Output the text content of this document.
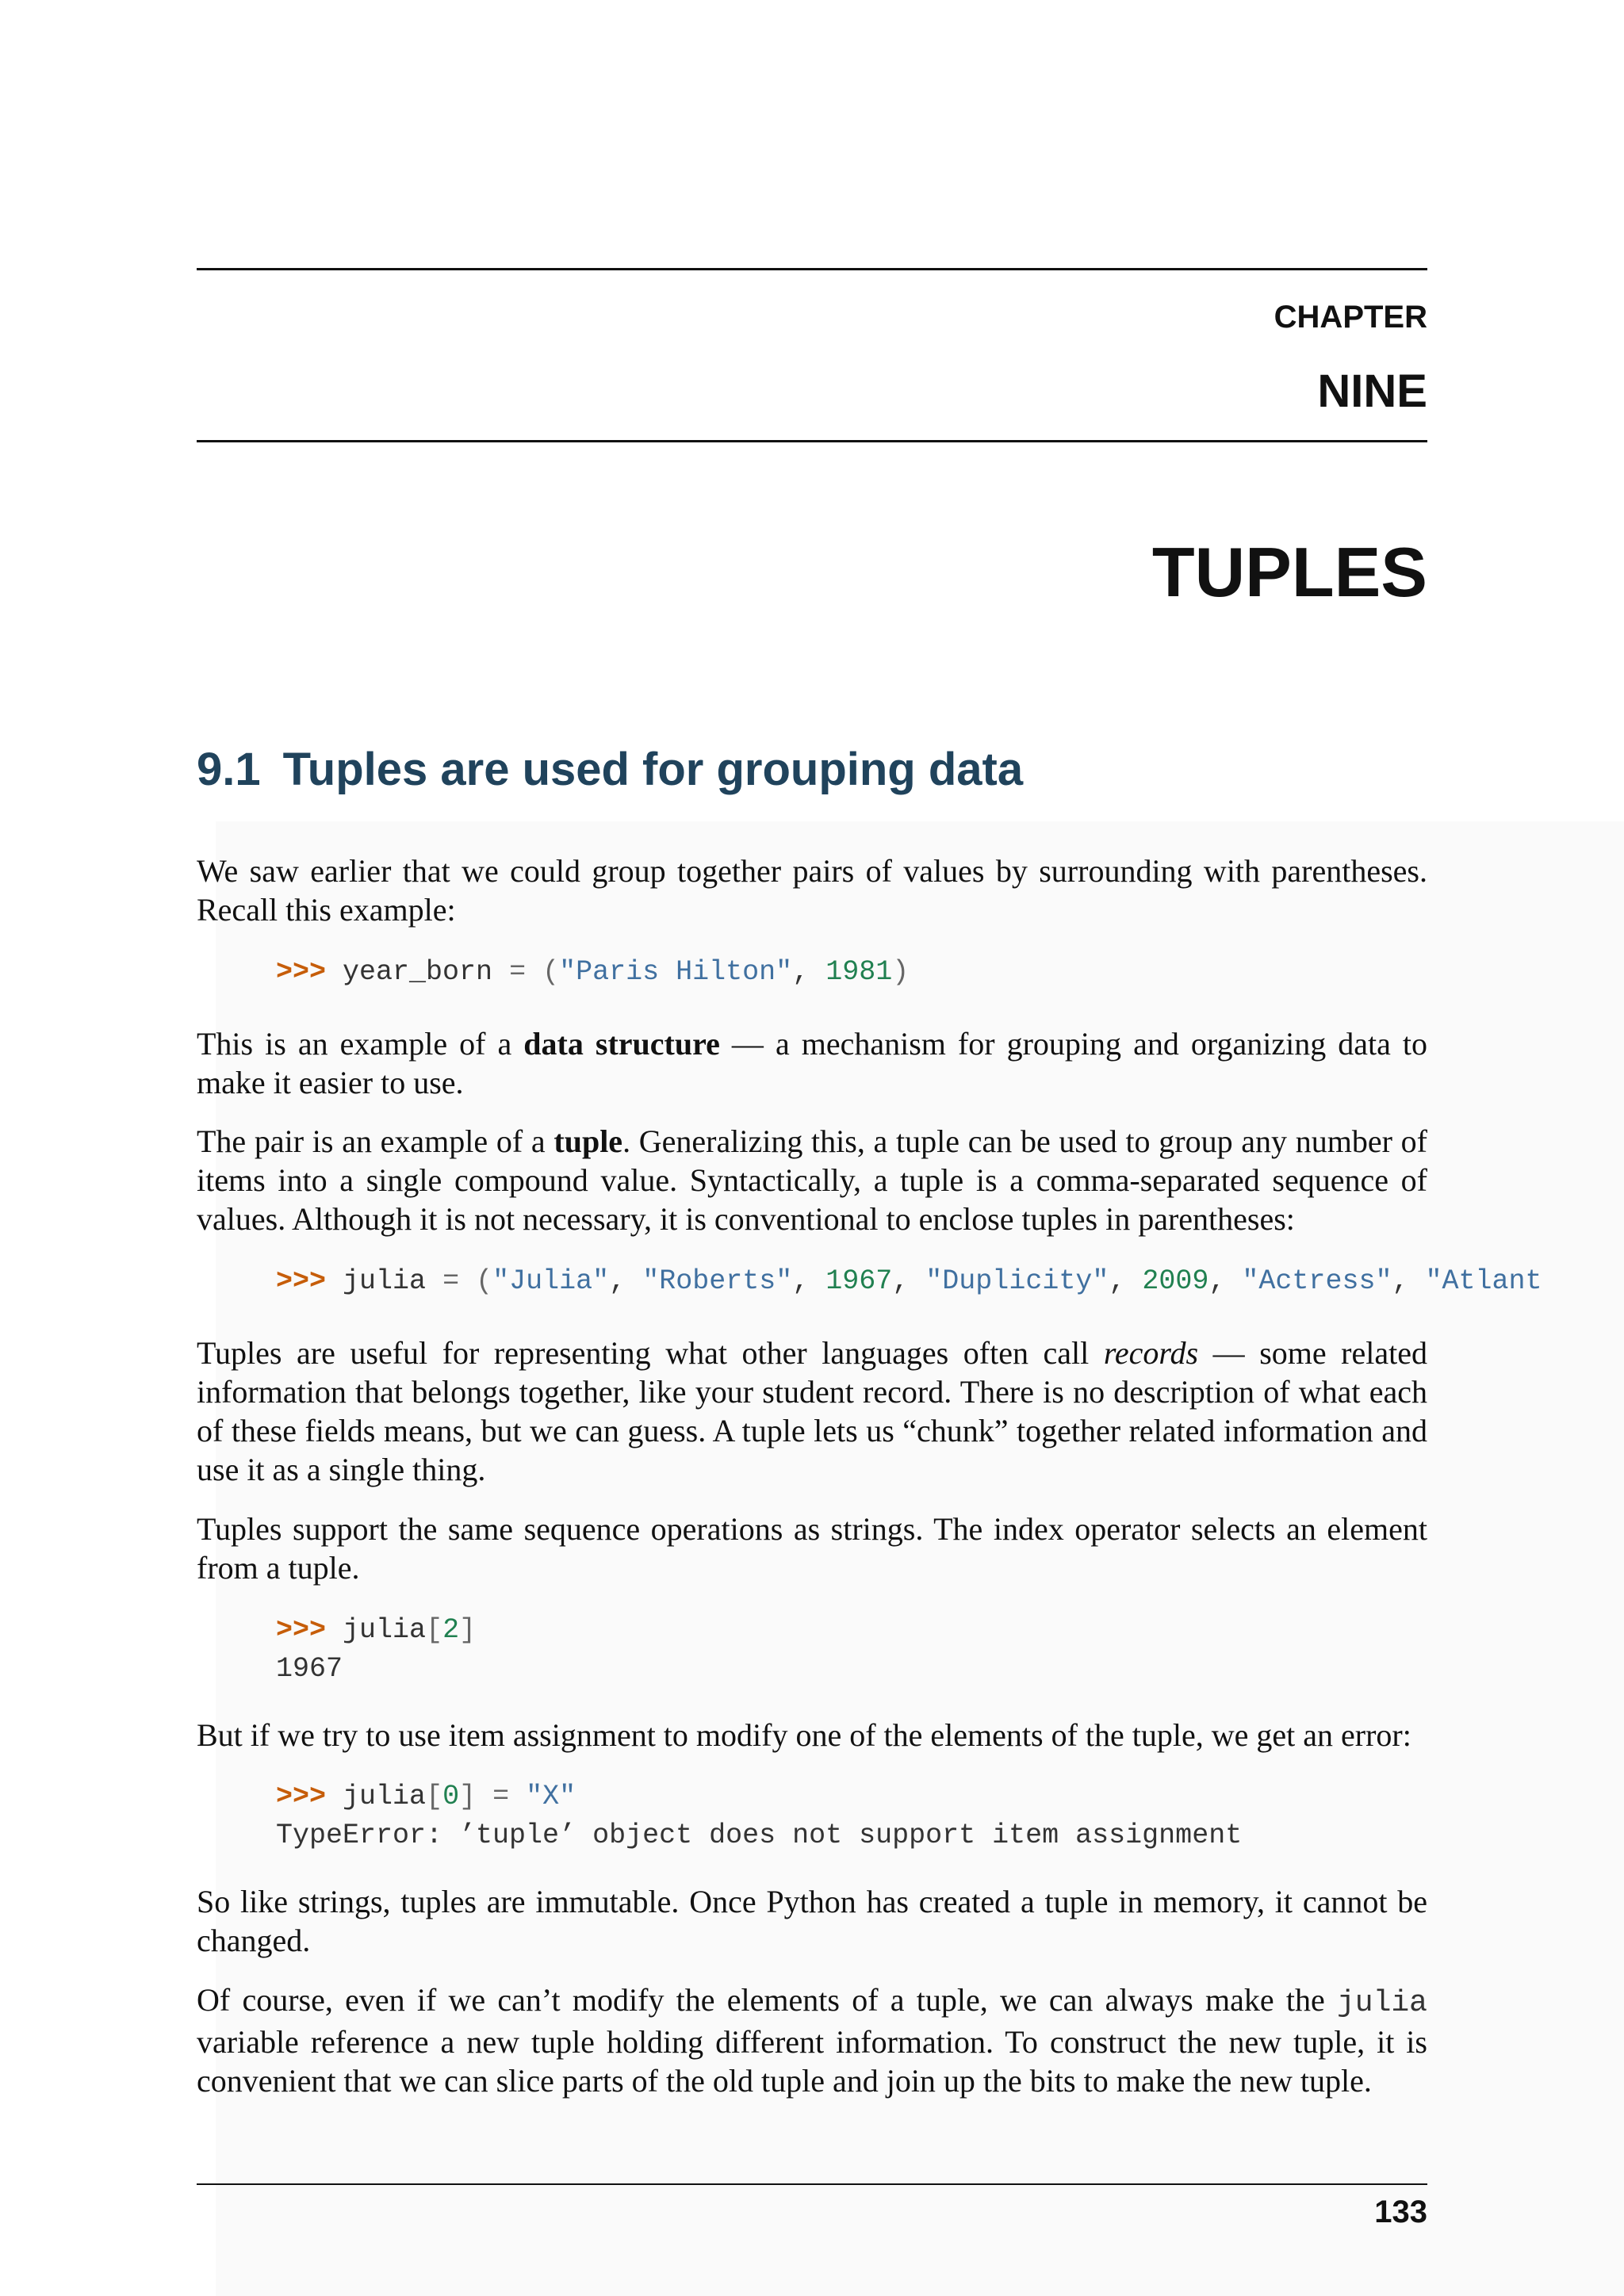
CHAPTER
NINE
TUPLES
9.1 Tuples are used for grouping data

We saw earlier that we could group together pairs of values by surrounding with parentheses. Recall this example:

>>> year_born = ("Paris Hilton", 1981)

This is an example of a data structure — a mechanism for grouping and organizing data to make it easier to use.

The pair is an example of a tuple. Generalizing this, a tuple can be used to group any number of items into a single compound value. Syntactically, a tuple is a comma-separated sequence of values. Although it is not necessary, it is conventional to enclose tuples in parentheses:

>>> julia = ("Julia", "Roberts", 1967, "Duplicity", 2009, "Actress", "Atlant

Tuples are useful for representing what other languages often call records — some related information that belongs together, like your student record. There is no description of what each of these fields means, but we can guess. A tuple lets us “chunk” together related information and use it as a single thing.

Tuples support the same sequence operations as strings. The index operator selects an element from a tuple.

>>> julia[2]
1967

But if we try to use item assignment to modify one of the elements of the tuple, we get an error:

>>> julia[0] = "X"
TypeError: ’tuple’ object does not support item assignment

So like strings, tuples are immutable. Once Python has created a tuple in memory, it cannot be changed.

Of course, even if we can’t modify the elements of a tuple, we can always make the julia variable reference a new tuple holding different information. To construct the new tuple, it is convenient that we can slice parts of the old tuple and join up the bits to make the new tuple.

133
